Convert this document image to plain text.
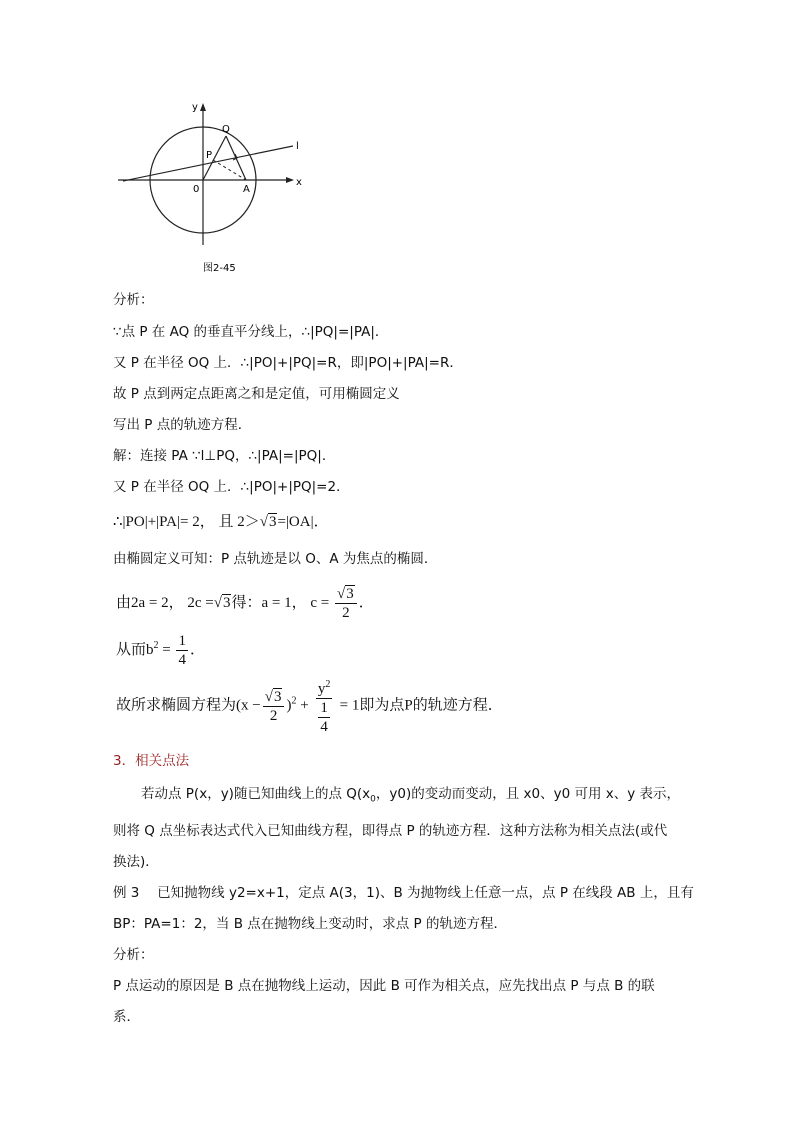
y
x
Q
P
0	A
l
图2-45
分析：
∵点 P 在 AQ 的垂直平分线上，∴|PQ|=|PA|．
又 P 在半径 OQ 上．∴|PO|+|PQ|=R，即|PO|+|PA|=R．
故 P 点到两定点距离之和是定值，可用椭圆定义
写出 P 点的轨迹方程．
解：连接 PA ∵l⊥PQ，∴|PA|=|PQ|．
又 P 在半径 OQ 上．∴|PO|+|PQ|=2．
∴|PO|+|PA|= 2， 且 2＞√3=|OA|．
由椭圆定义可知：P 点轨迹是以 O、A 为焦点的椭圆．
由2a = 2， 2c =√3得：a = 1， $c = \frac{√3}{2}$ ．
从而$b^2 = \frac{1}{4}$ ．
故所求椭圆方程为$(x - \frac{√3}{2} )^2 + \frac{y^2}{\frac{1}{4}} = 1$即为点P的轨迹方程．
3．相关点法
若动点 P(x，y)随已知曲线上的点 $Q(x_0$，y0)的变动而变动，且 x0、y0 可用 x、y 表示，
则将 Q 点坐标表达式代入已知曲线方程，即得点 P 的轨迹方程．这种方法称为相关点法(或代
换法)．
例 3　 已知抛物线 y2=x+1，定点 A(3，1)、B 为抛物线上任意一点，点 P 在线段 AB 上，且有
BP：PA=1：2，当 B 点在抛物线上变动时，求点 P 的轨迹方程．
分析：
P 点运动的原因是 B 点在抛物线上运动，因此 B 可作为相关点，应先找出点 P 与点 B 的联
系．
